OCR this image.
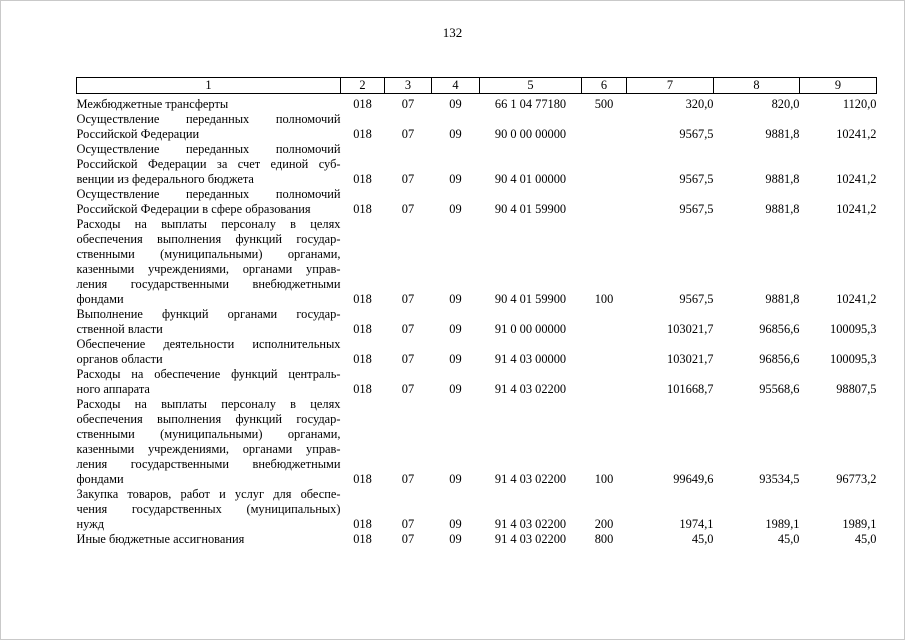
132
1	2	3	4	5	6	7	8	9

Межбюджетные трансферты	018	07	09	66 1 04 77180	500	320,0	820,0	1120,0

Осуществление переданных полномочий
Российской Федерации	018	07	09	90 0 00 00000		9567,5	9881,8	10241,2

Осуществление переданных полномочий
Российской Федерации за счет единой суб-
венции из федерального бюджета	018	07	09	90 4 01 00000		9567,5	9881,8	10241,2

Осуществление переданных полномочий
Российской Федерации в сфере образования	018	07	09	90 4 01 59900		9567,5	9881,8	10241,2

Расходы на выплаты персоналу в целях
обеспечения выполнения функций государ-
ственными (муниципальными) органами,
казенными учреждениями, органами управ-
ления государственными внебюджетными
фондами	018	07	09	90 4 01 59900	100	9567,5	9881,8	10241,2

Выполнение функций органами государ-
ственной власти	018	07	09	91 0 00 00000		103021,7	96856,6	100095,3

Обеспечение деятельности исполнительных
органов области	018	07	09	91 4 03 00000		103021,7	96856,6	100095,3

Расходы на обеспечение функций централь-
ного аппарата	018	07	09	91 4 03 02200		101668,7	95568,6	98807,5

Расходы на выплаты персоналу в целях
обеспечения выполнения функций государ-
ственными (муниципальными) органами,
казенными учреждениями, органами управ-
ления государственными внебюджетными
фондами	018	07	09	91 4 03 02200	100	99649,6	93534,5	96773,2

Закупка товаров, работ и услуг для обеспе-
чения государственных (муниципальных)
нужд	018	07	09	91 4 03 02200	200	1974,1	1989,1	1989,1

Иные бюджетные ассигнования	018	07	09	91 4 03 02200	800	45,0	45,0	45,0
